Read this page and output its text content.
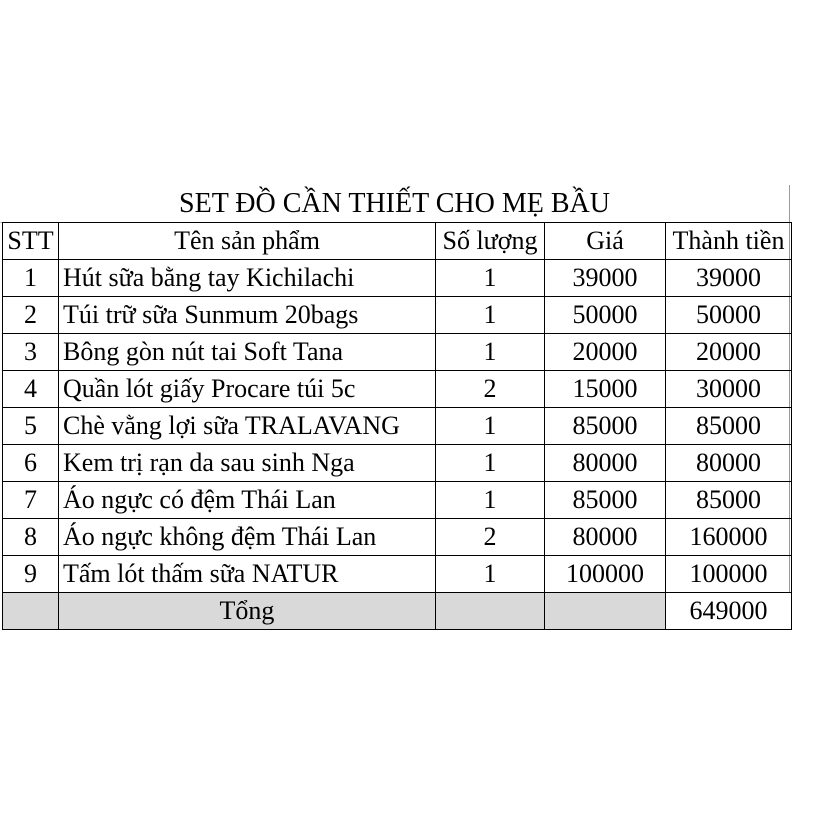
SET ĐỒ CẦN THIẾT CHO MẸ BẦU
STT	Tên sản phẩm	Số lượng	Giá	Thành tiền
1	Hút sữa bằng tay Kichilachi	1	39000	39000
2	Túi trữ sữa Sunmum 20bags	1	50000	50000
3	Bông gòn nút tai Soft Tana	1	20000	20000
4	Quần lót giấy Procare túi 5c	2	15000	30000
5	Chè vằng lợi sữa TRALAVANG	1	85000	85000
6	Kem trị rạn da sau sinh Nga	1	80000	80000
7	Áo ngực có đệm Thái Lan	1	85000	85000
8	Áo ngực không đệm Thái Lan	2	80000	160000
9	Tấm lót thấm sữa NATUR	1	100000	100000
	Tổng			649000
